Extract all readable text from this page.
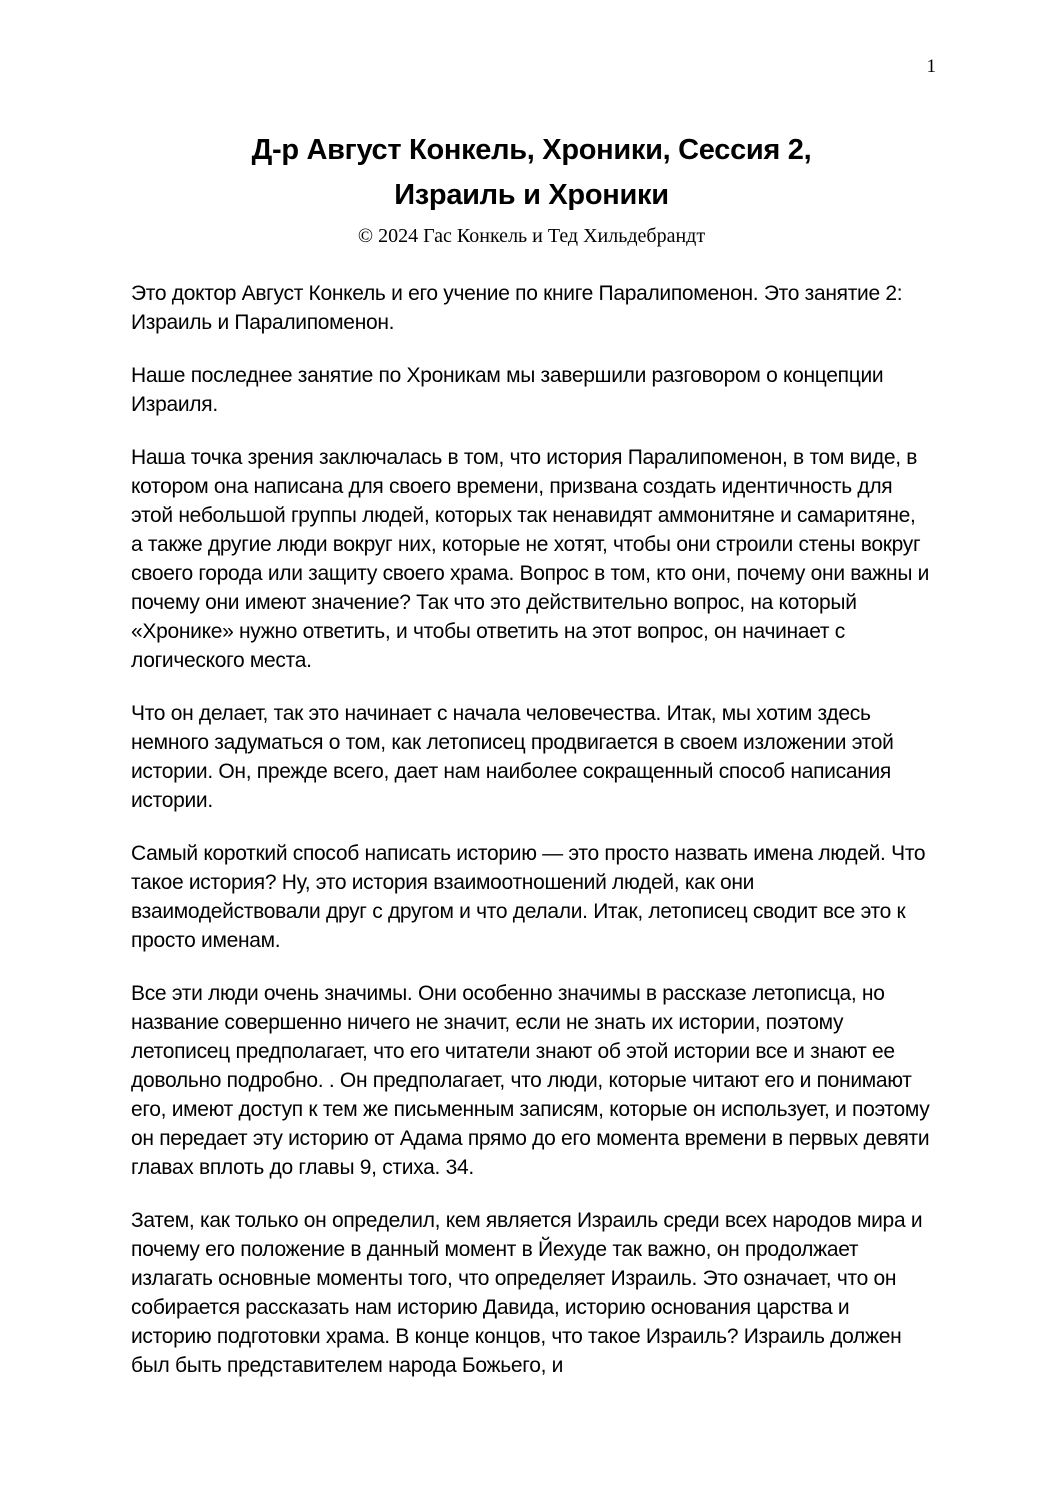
1
Д-р Август Конкель, Хроники, Сессия 2,
Израиль и Хроники
© 2024 Гас Конкель и Тед Хильдебрандт

Это доктор Август Конкель и его учение по книге Паралипоменон. Это занятие 2: Израиль и Паралипоменон.

Наше последнее занятие по Хроникам мы завершили разговором о концепции Израиля.

Наша точка зрения заключалась в том, что история Паралипоменон, в том виде, в котором она написана для своего времени, призвана создать идентичность для этой небольшой группы людей, которых так ненавидят аммонитяне и самаритяне, а также другие люди вокруг них, которые не хотят, чтобы они строили стены вокруг своего города или защиту своего храма. Вопрос в том, кто они, почему они важны и почему они имеют значение? Так что это действительно вопрос, на который «Хронике» нужно ответить, и чтобы ответить на этот вопрос, он начинает с логического места.

Что он делает, так это начинает с начала человечества. Итак, мы хотим здесь немного задуматься о том, как летописец продвигается в своем изложении этой истории. Он, прежде всего, дает нам наиболее сокращенный способ написания истории.

Самый короткий способ написать историю — это просто назвать имена людей. Что такое история? Ну, это история взаимоотношений людей, как они взаимодействовали друг с другом и что делали. Итак, летописец сводит все это к просто именам.

Все эти люди очень значимы. Они особенно значимы в рассказе летописца, но название совершенно ничего не значит, если не знать их истории, поэтому летописец предполагает, что его читатели знают об этой истории все и знают ее довольно подробно. . Он предполагает, что люди, которые читают его и понимают его, имеют доступ к тем же письменным записям, которые он использует, и поэтому он передает эту историю от Адама прямо до его момента времени в первых девяти главах вплоть до главы 9, стиха. 34.

Затем, как только он определил, кем является Израиль среди всех народов мира и почему его положение в данный момент в Йехуде так важно, он продолжает излагать основные моменты того, что определяет Израиль. Это означает, что он собирается рассказать нам историю Давида, историю основания царства и историю подготовки храма. В конце концов, что такое Израиль? Израиль должен был быть представителем народа Божьего, и
